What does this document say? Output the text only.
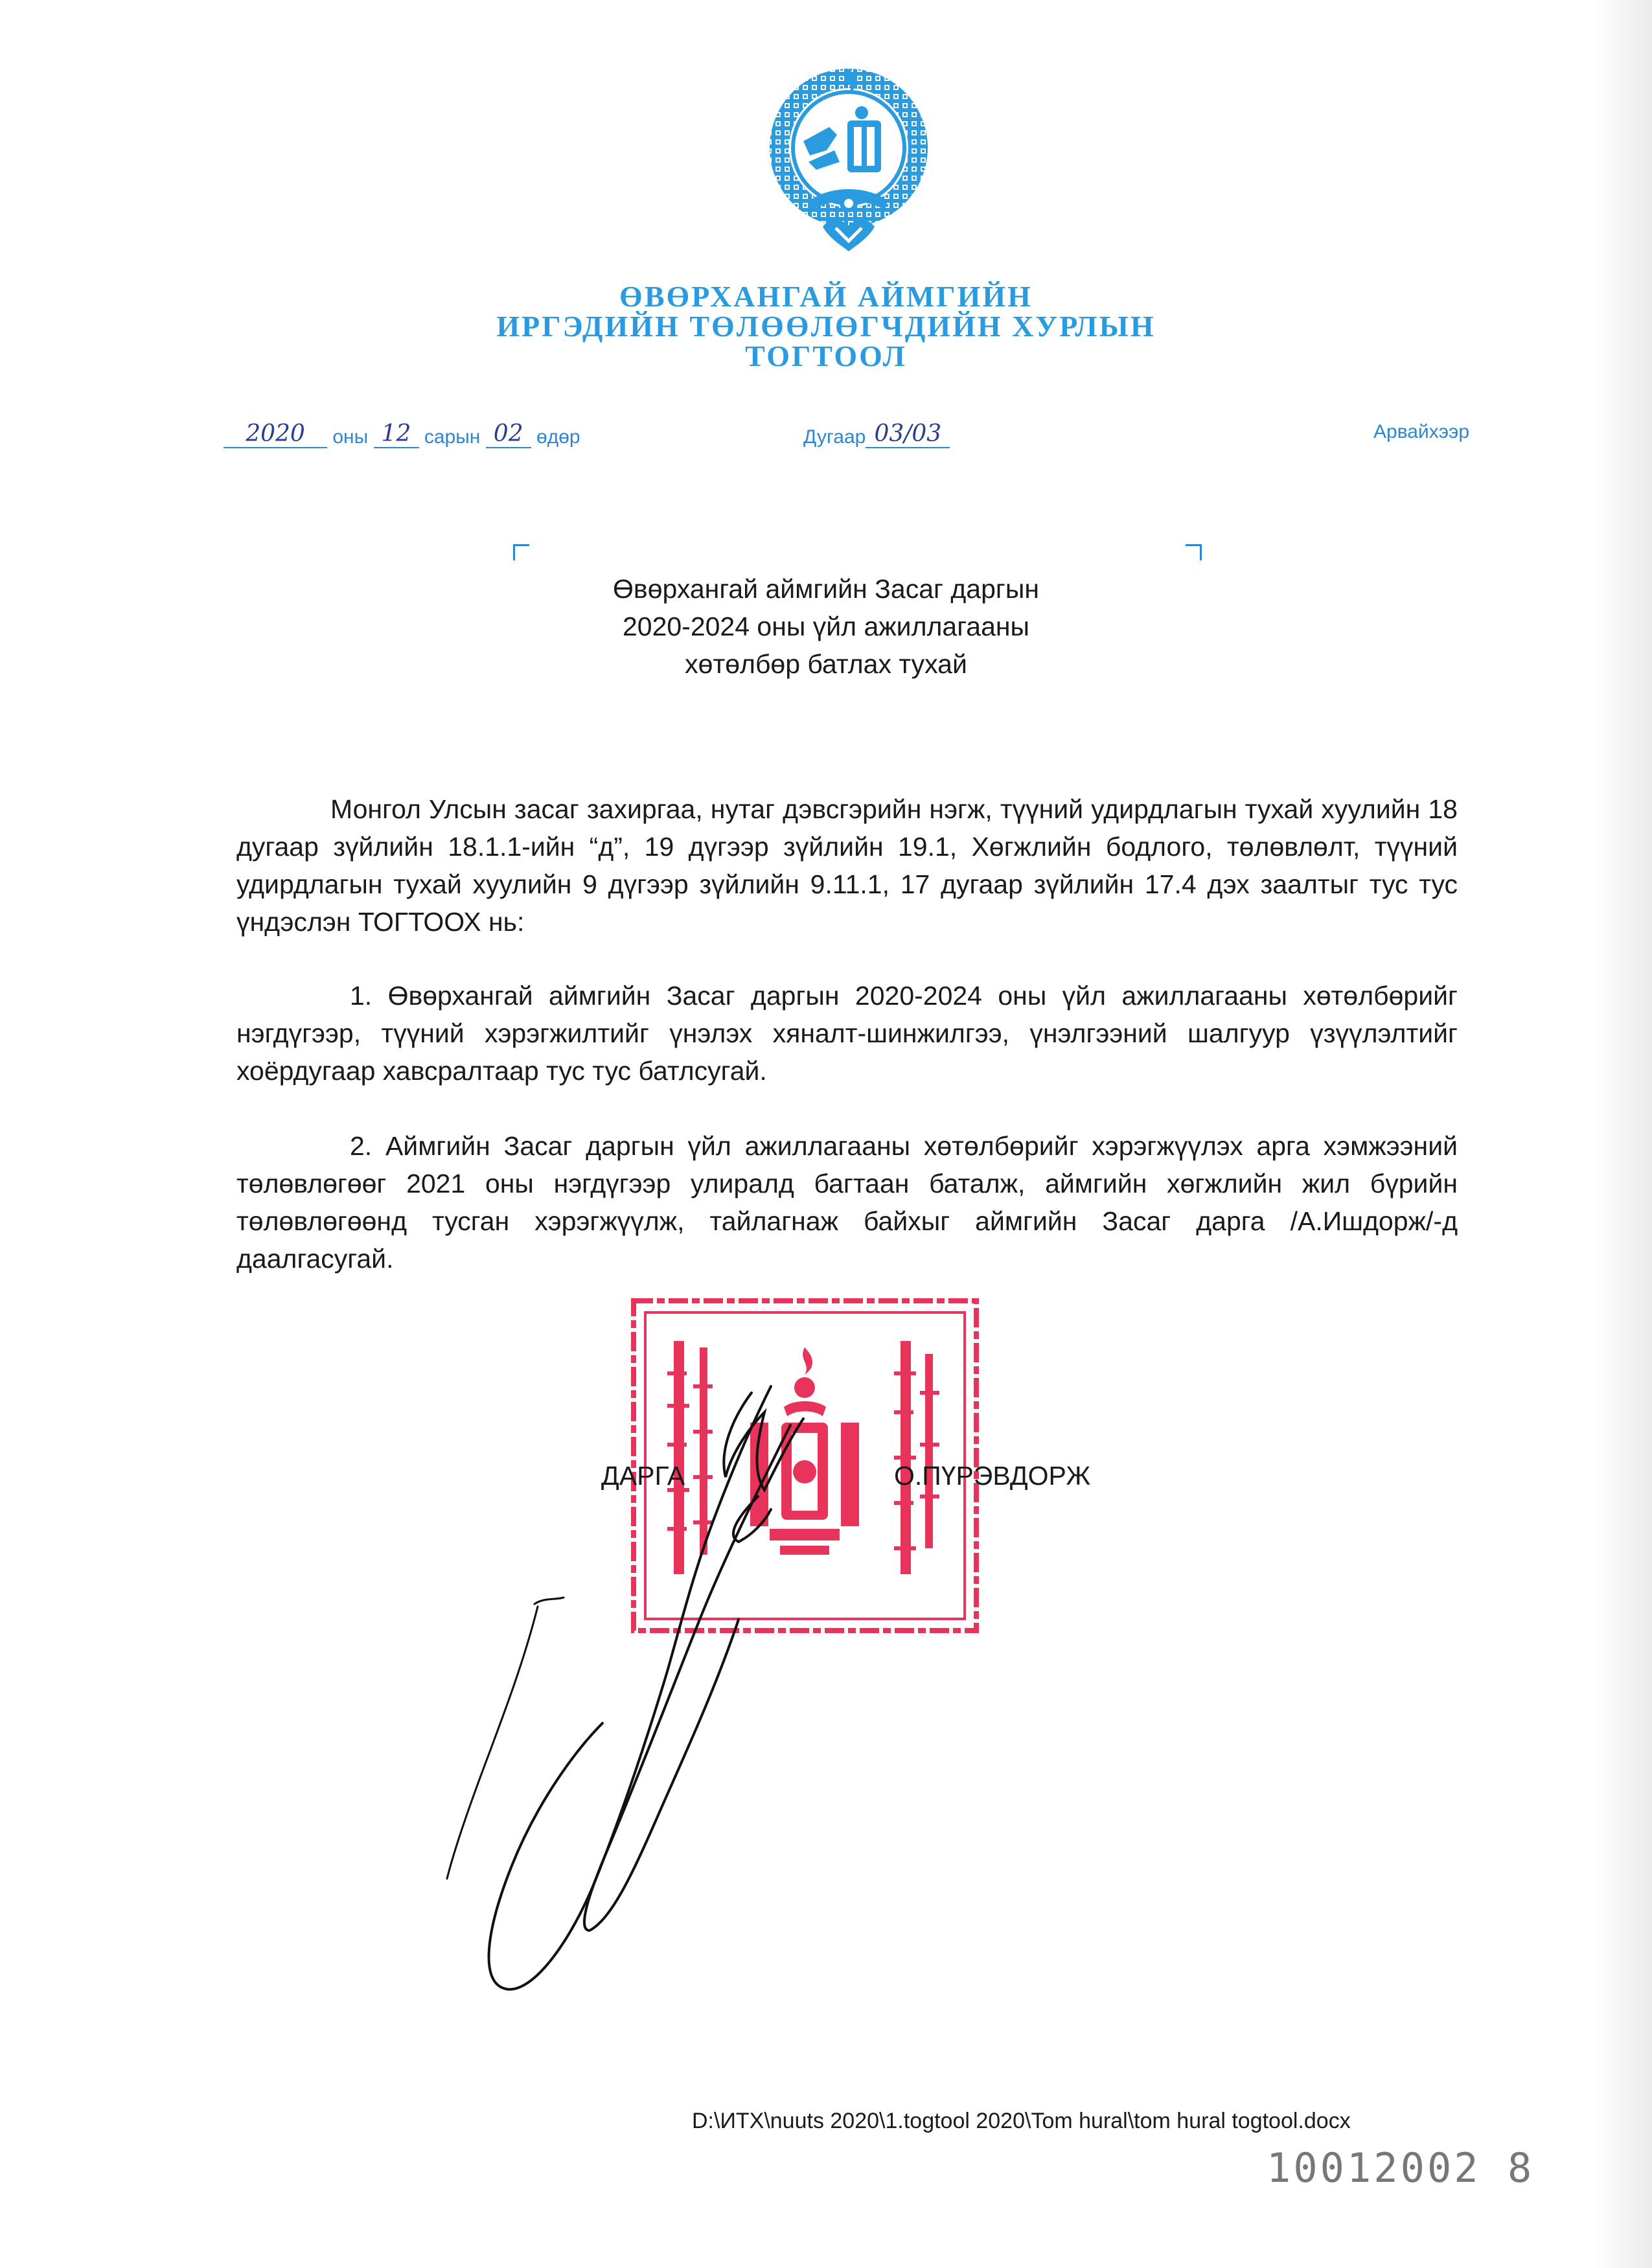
ӨВӨРХАНГАЙ АЙМГИЙН
ИРГЭДИЙН ТӨЛӨӨЛӨГЧДИЙН ХУРЛЫН
ТОГТООЛ
2020 оны 12 сарын 02 өдөр	Дугаар 03/03	Арвайхээр
Өвөрхангай аймгийн Засаг даргын
2020-2024 оны үйл ажиллагааны
хөтөлбөр батлах тухай

Монгол Улсын засаг захиргаа, нутаг дэвсгэрийн нэгж, түүний удирдлагын тухай хуулийн 18 дугаар зүйлийн 18.1.1-ийн “д”, 19 дүгээр зүйлийн 19.1, Хөгжлийн бодлого, төлөвлөлт, түүний удирдлагын тухай хуулийн 9 дүгээр зүйлийн 9.11.1, 17 дугаар зүйлийн 17.4 дэх заалтыг тус тус үндэслэн ТОГТООХ нь:

1. Өвөрхангай аймгийн Засаг даргын 2020-2024 оны үйл ажиллагааны хөтөлбөрийг нэгдүгээр, түүний хэрэгжилтийг үнэлэх хяналт-шинжилгээ, үнэлгээний шалгуур үзүүлэлтийг хоёрдугаар хавсралтаар тус тус батлсугай.

2. Аймгийн Засаг даргын үйл ажиллагааны хөтөлбөрийг хэрэгжүүлэх арга хэмжээний төлөвлөгөөг 2021 оны нэгдүгээр улиралд багтаан баталж, аймгийн хөгжлийн жил бүрийн төлөвлөгөөнд тусган хэрэгжүүлж, тайлагнаж байхыг аймгийн Засаг дарга /А.Ишдорж/-д даалгасугай.

ДАРГА	О.ПҮРЭВДОРЖ
D:\ИТХ\nuuts 2020\1.togtool 2020\Tom hural\tom hural togtool.docx
10012002 8
